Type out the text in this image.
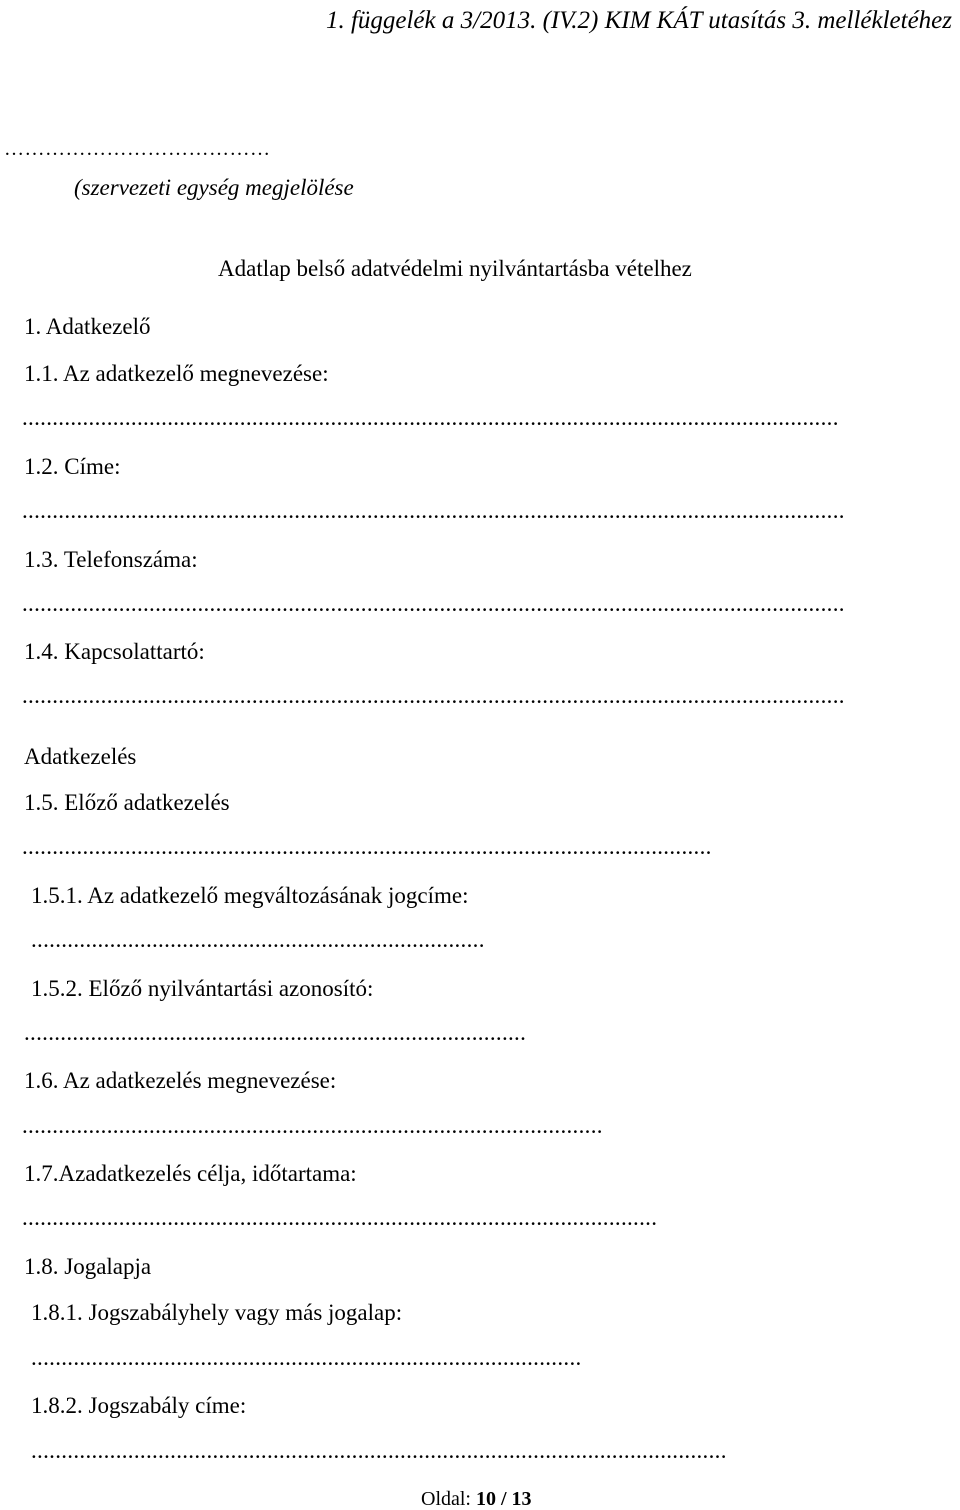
1. függelék a 3/2013. (IV.2) KIM KÁT utasítás 3. mellékletéhez
…………………………………
(szervezeti egység megjelölése
Adatlap belső adatvédelmi nyilvántartásba vételhez
1. Adatkezelő
1.1. Az adatkezelő megnevezése:
.......................................................................................................................................
1.2. Címe:
........................................................................................................................................
1.3. Telefonszáma:
........................................................................................................................................
1.4. Kapcsolattartó:
........................................................................................................................................
Adatkezelés
1.5. Előző adatkezelés
..................................................................................................................
1.5.1. Az adatkezelő megváltozásának jogcíme:
...........................................................................
1.5.2. Előző nyilvántartási azonosító:
...................................................................................
1.6. Az adatkezelés megnevezése:
................................................................................................
1.7.Azadatkezelés célja, időtartama:
.........................................................................................................
1.8. Jogalapja
1.8.1. Jogszabályhely vagy más jogalap:
...........................................................................................
1.8.2. Jogszabály címe:
...................................................................................................................
Oldal: 10 / 13
